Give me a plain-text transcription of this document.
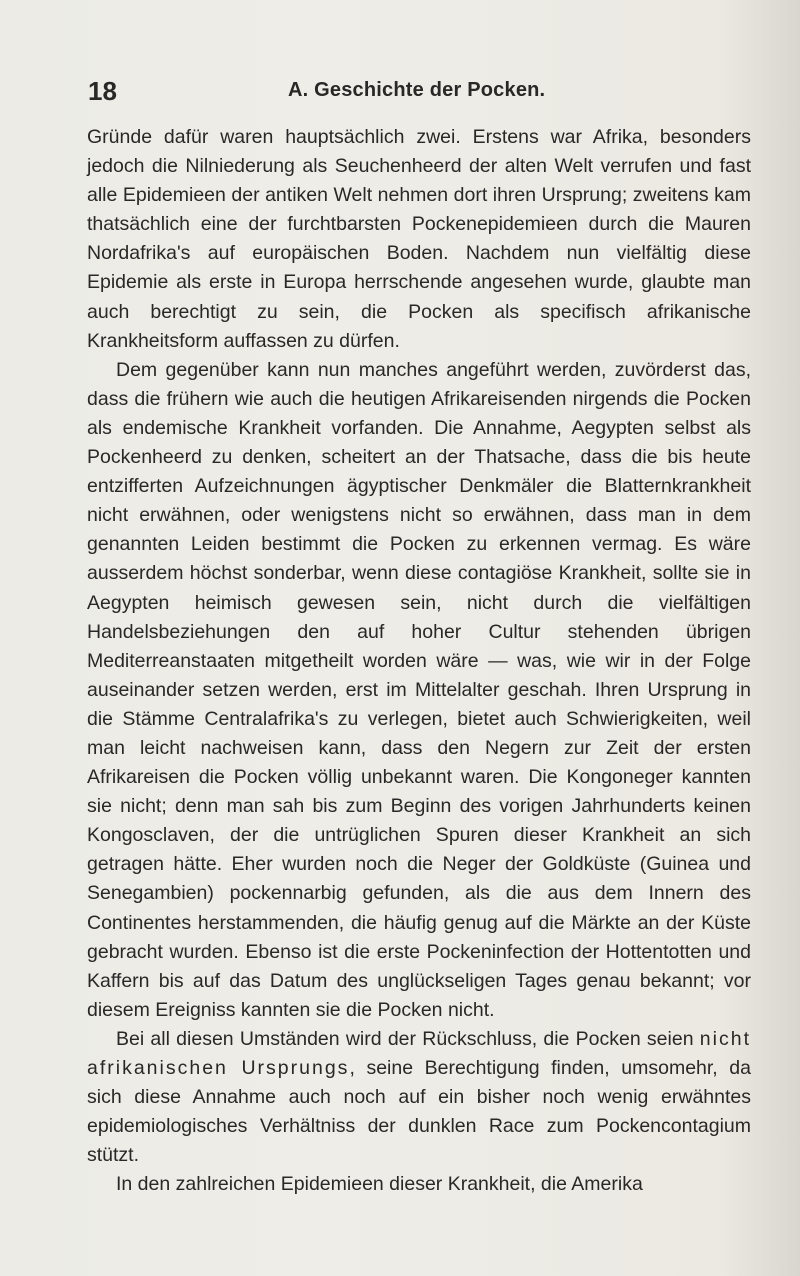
18	A. Geschichte der Pocken.

Gründe dafür waren hauptsächlich zwei. Erstens war Afrika, besonders jedoch die Nilniederung als Seuchenheerd der alten Welt verrufen und fast alle Epidemieen der antiken Welt nehmen dort ihren Ursprung; zweitens kam thatsächlich eine der furchtbarsten Pockenepidemieen durch die Mauren Nordafrika's auf europäischen Boden. Nachdem nun vielfältig diese Epidemie als erste in Europa herrschende angesehen wurde, glaubte man auch berechtigt zu sein, die Pocken als specifisch afrikanische Krankheitsform auffassen zu dürfen.

Dem gegenüber kann nun manches angeführt werden, zuvörderst das, dass die frühern wie auch die heutigen Afrikareisenden nirgends die Pocken als endemische Krankheit vorfanden. Die Annahme, Aegypten selbst als Pockenheerd zu denken, scheitert an der Thatsache, dass die bis heute entzifferten Aufzeichnungen ägyptischer Denkmäler die Blatternkrankheit nicht erwähnen, oder wenigstens nicht so erwähnen, dass man in dem genannten Leiden bestimmt die Pocken zu erkennen vermag. Es wäre ausserdem höchst sonderbar, wenn diese contagiöse Krankheit, sollte sie in Aegypten heimisch gewesen sein, nicht durch die vielfältigen Handelsbeziehungen den auf hoher Cultur stehenden übrigen Mediterreanstaaten mitgetheilt worden wäre — was, wie wir in der Folge auseinander setzen werden, erst im Mittelalter geschah. Ihren Ursprung in die Stämme Centralafrika's zu verlegen, bietet auch Schwierigkeiten, weil man leicht nachweisen kann, dass den Negern zur Zeit der ersten Afrikareisen die Pocken völlig unbekannt waren. Die Kongoneger kannten sie nicht; denn man sah bis zum Beginn des vorigen Jahrhunderts keinen Kongosclaven, der die untrüglichen Spuren dieser Krankheit an sich getragen hätte. Eher wurden noch die Neger der Goldküste (Guinea und Senegambien) pockennarbig gefunden, als die aus dem Innern des Continentes herstammenden, die häufig genug auf die Märkte an der Küste gebracht wurden. Ebenso ist die erste Pockeninfection der Hottentotten und Kaffern bis auf das Datum des unglückseligen Tages genau bekannt; vor diesem Ereigniss kannten sie die Pocken nicht.

Bei all diesen Umständen wird der Rückschluss, die Pocken seien nicht afrikanischen Ursprungs, seine Berechtigung finden, umsomehr, da sich diese Annahme auch noch auf ein bisher noch wenig erwähntes epidemiologisches Verhältniss der dunklen Race zum Pockencontagium stützt.

In den zahlreichen Epidemieen dieser Krankheit, die Amerika
